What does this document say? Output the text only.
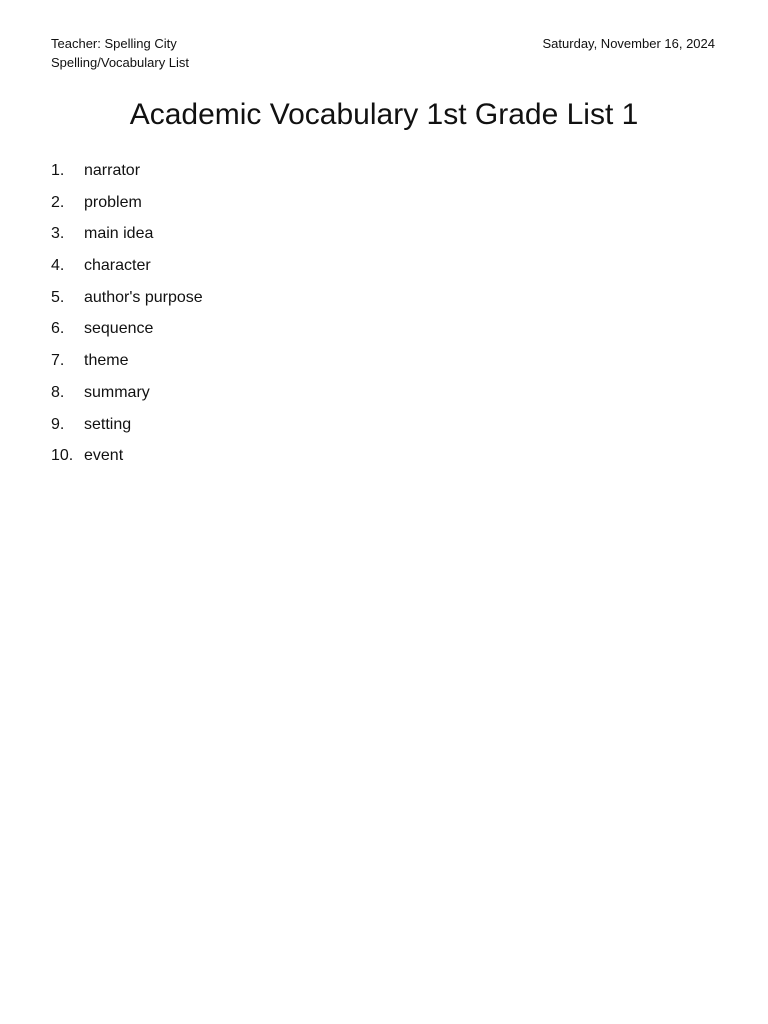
Teacher: Spelling City	Saturday, November 16, 2024
Spelling/Vocabulary List
Academic Vocabulary 1st Grade List 1
1.	narrator
2.	problem
3.	main idea
4.	character
5.	author's purpose
6.	sequence
7.	theme
8.	summary
9.	setting
10. event
